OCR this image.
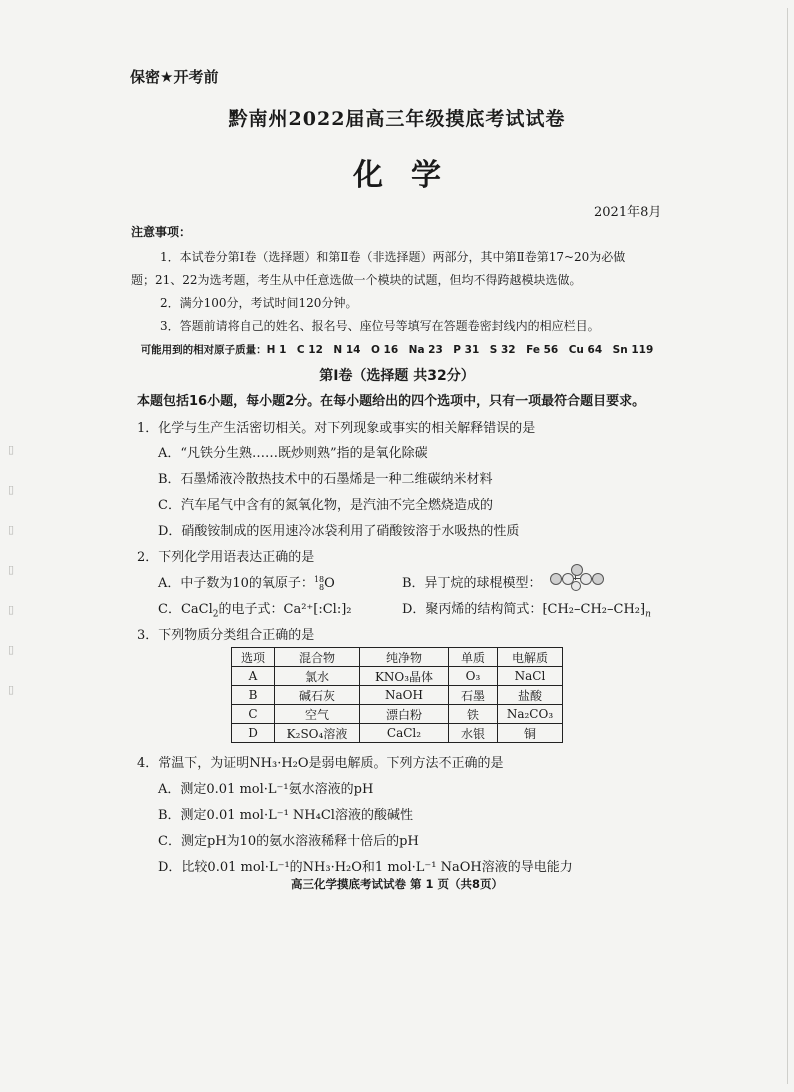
▯
▯
▯
▯
▯
▯
▯
保密★开考前
黔南州2022届高三年级摸底考试试卷
化学
2021年8月
注意事项：
1．本试卷分第Ⅰ卷（选择题）和第Ⅱ卷（非选择题）两部分，其中第Ⅱ卷第17~20为必做
题；21、22为选考题，考生从中任意选做一个模块的试题，但均不得跨越模块选做。
2．满分100分，考试时间120分钟。
3．答题前请将自己的姓名、报名号、座位号等填写在答题卷密封线内的相应栏目。
可能用到的相对原子质量：H 1　C 12　N 14　O 16　Na 23　P 31　S 32　Fe 56　Cu 64　Sn 119
第Ⅰ卷（选择题 共32分）
本题包括16小题，每小题2分。在每小题给出的四个选项中，只有一项最符合题目要求。
1．化学与生产生活密切相关。对下列现象或事实的相关解释错误的是
A．“凡铁分生熟……既炒则熟”指的是氧化除碳
B．石墨烯液冷散热技术中的石墨烯是一种二维碳纳米材料
C．汽车尾气中含有的氮氧化物，是汽油不完全燃烧造成的
D．硝酸铵制成的医用速冷冰袋利用了硝酸铵溶于水吸热的性质
2．下列化学用语表达正确的是
A．中子数为10的氧原子：18
8O	B．异丁烷的球棍模型：
C．CaCl$_2$的电子式：Ca²⁺[:Cl:]₂	D．聚丙烯的结构简式：$⁅CH_2-CH_2-CH_2⁆_n$
3．下列物质分类组合正确的是
选项	混合物	纯净物	单质	电解质
A	氯水	KNO₃晶体	O₃	NaCl
B	碱石灰	NaOH	石墨	盐酸
C	空气	漂白粉	铁	Na₂CO₃
D	K₂SO₄溶液	CaCl₂	水银	铜
4．常温下，为证明NH₃·H₂O是弱电解质。下列方法不正确的是
A．测定0.01 mol·L⁻¹氨水溶液的pH
B．测定0.01 mol·L⁻¹ NH₄Cl溶液的酸碱性
C．测定pH为10的氨水溶液稀释十倍后的pH
D．比较0.01 mol·L⁻¹的NH₃·H₂O和1 mol·L⁻¹ NaOH溶液的导电能力
高三化学摸底考试试卷 第 1 页（共8页）
